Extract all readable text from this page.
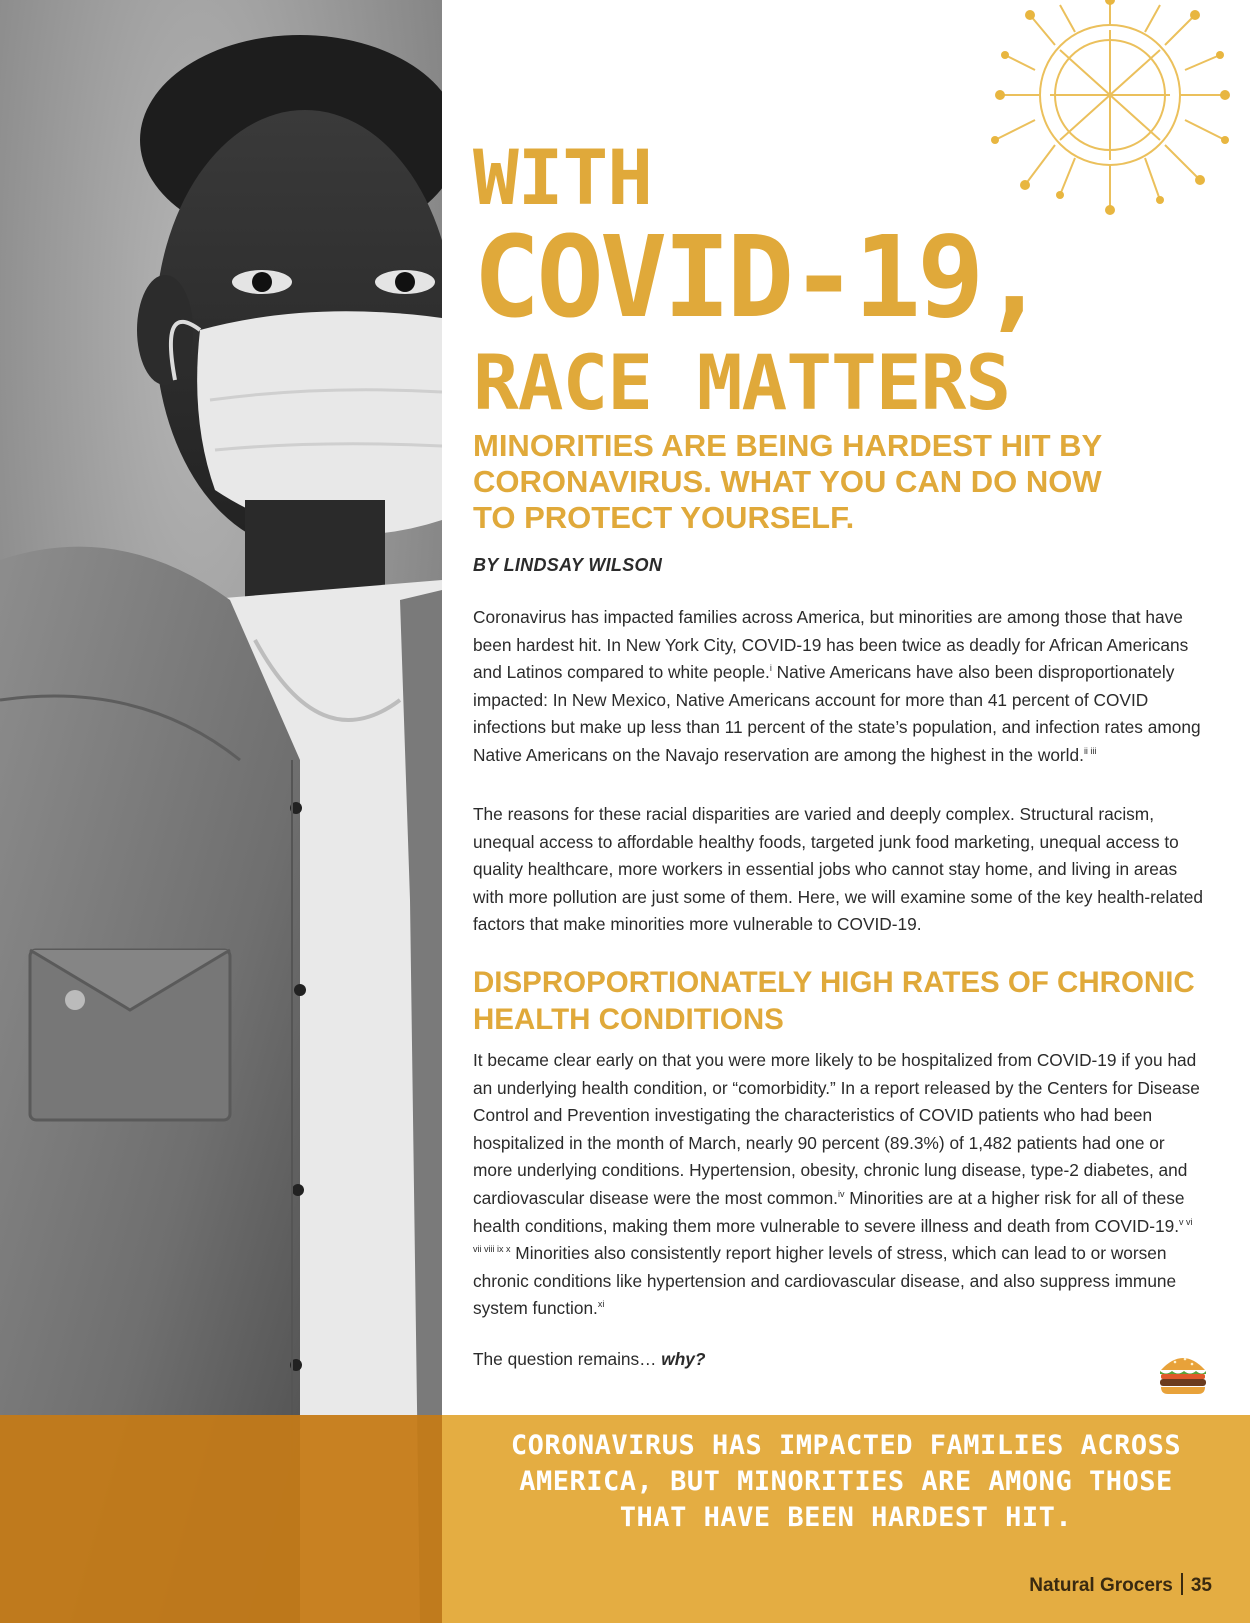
WITH
COVID-19,
RACE MATTERS
MINORITIES ARE BEING HARDEST HIT BY CORONAVIRUS. WHAT YOU CAN DO NOW TO PROTECT YOURSELF.
BY LINDSAY WILSON
Coronavirus has impacted families across America, but minorities are among those that have been hardest hit. In New York City, COVID-19 has been twice as deadly for African Americans and Latinos compared to white people.$^i$ Native Americans have also been disproportionately impacted: In New Mexico, Native Americans account for more than 41 percent of COVID infections but make up less than 11 percent of the state’s population, and infection rates among Native Americans on the Navajo reservation are among the highest in the world.$^{ii iii}$
The reasons for these racial disparities are varied and deeply complex. Structural racism, unequal access to affordable healthy foods, targeted junk food marketing, unequal access to quality healthcare, more workers in essential jobs who cannot stay home, and living in areas with more pollution are just some of them. Here, we will examine some of the key health-related factors that make minorities more vulnerable to COVID-19.
DISPROPORTIONATELY HIGH RATES OF CHRONIC HEALTH CONDITIONS
It became clear early on that you were more likely to be hospitalized from COVID-19 if you had an underlying health condition, or “comorbidity.” In a report released by the Centers for Disease Control and Prevention investigating the characteristics of COVID patients who had been hospitalized in the month of March, nearly 90 percent (89.3%) of 1,482 patients had one or more underlying conditions. Hypertension, obesity, chronic lung disease, type-2 diabetes, and cardiovascular disease were the most common.$^{iv}$ Minorities are at a higher risk for all of these health conditions, making them more vulnerable to severe illness and death from COVID-19.$^{v vi vii viii ix x}$ Minorities also consistently report higher levels of stress, which can lead to or worsen chronic conditions like hypertension and cardiovascular disease, and also suppress immune system function.$^{xi}$
The question remains… why?
CORONAVIRUS HAS IMPACTED FAMILIES ACROSS
AMERICA, BUT MINORITIES ARE AMONG THOSE
THAT HAVE BEEN HARDEST HIT.
Natural Grocers 35
